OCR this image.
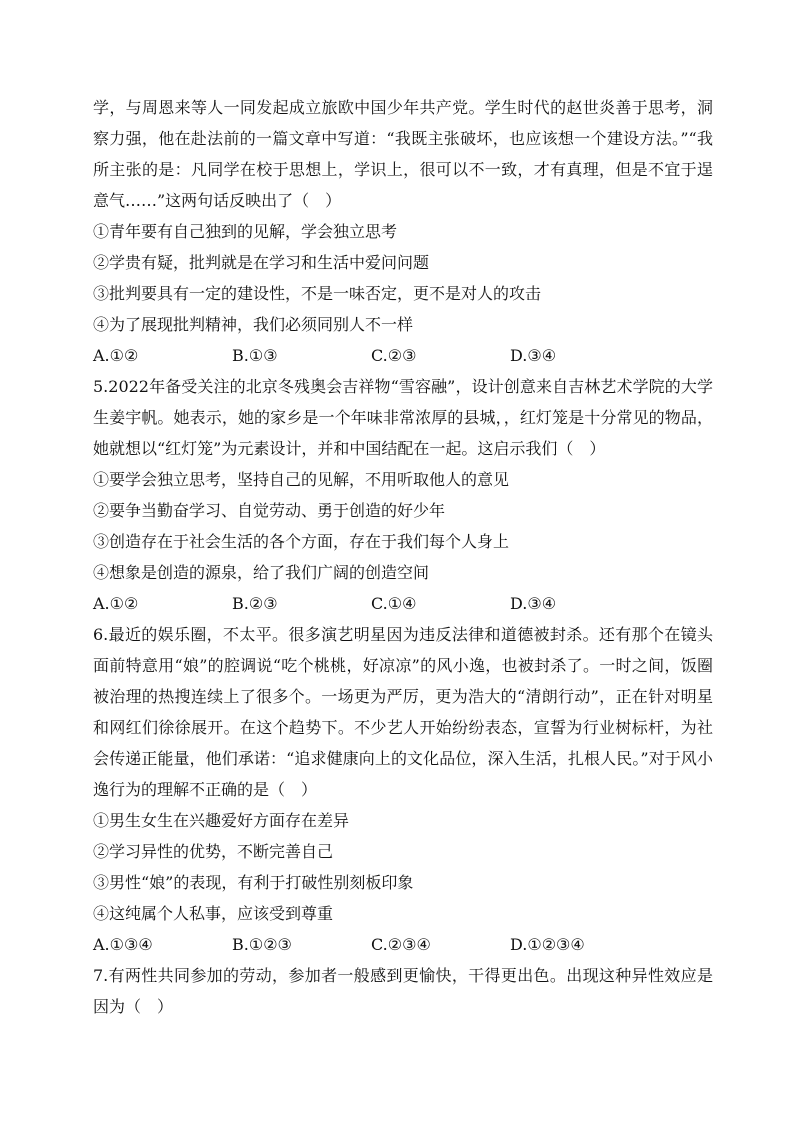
学，与周恩来等人一同发起成立旅欧中国少年共产党。学生时代的赵世炎善于思考，洞察力强，他在赴法前的一篇文章中写道：“我既主张破坏，也应该想一个建设方法。”“我所主张的是：凡同学在校于思想上，学识上，很可以不一致，才有真理，但是不宜于逞意气……”这两句话反映出了（　）

①青年要有自己独到的见解，学会独立思考

②学贵有疑，批判就是在学习和生活中爱问问题

③批判要具有一定的建设性，不是一味否定，更不是对人的攻击

④为了展现批判精神，我们必须同别人不一样

A.①②	B.①③	C.②③	D.③④

5.2022年备受关注的北京冬残奥会吉祥物“雪容融”，设计创意来自吉林艺术学院的大学生姜宇帆。她表示，她的家乡是一个年味非常浓厚的县城，，红灯笼是十分常见的物品，她就想以“红灯笼”为元素设计，并和中国结配在一起。这启示我们（　）

①要学会独立思考，坚持自己的见解，不用听取他人的意见

②要争当勤奋学习、自觉劳动、勇于创造的好少年

③创造存在于社会生活的各个方面，存在于我们每个人身上

④想象是创造的源泉，给了我们广阔的创造空间

A.①②	B.②③	C.①④	D.③④

6.最近的娱乐圈，不太平。很多演艺明星因为违反法律和道德被封杀。还有那个在镜头面前特意用“娘”的腔调说“吃个桃桃，好凉凉”的风小逸，也被封杀了。一时之间，饭圈被治理的热搜连续上了很多个。一场更为严厉，更为浩大的“清朗行动”，正在针对明星和网红们徐徐展开。在这个趋势下。不少艺人开始纷纷表态，宣誓为行业树标杆，为社会传递正能量，他们承诺：“追求健康向上的文化品位，深入生活，扎根人民。”对于风小逸行为的理解不正确的是（　）

①男生女生在兴趣爱好方面存在差异

②学习异性的优势，不断完善自己

③男性“娘”的表现，有利于打破性别刻板印象

④这纯属个人私事，应该受到尊重

A.①③④	B.①②③	C.②③④	D.①②③④

7.有两性共同参加的劳动，参加者一般感到更愉快，干得更出色。出现这种异性效应是因为（　）
